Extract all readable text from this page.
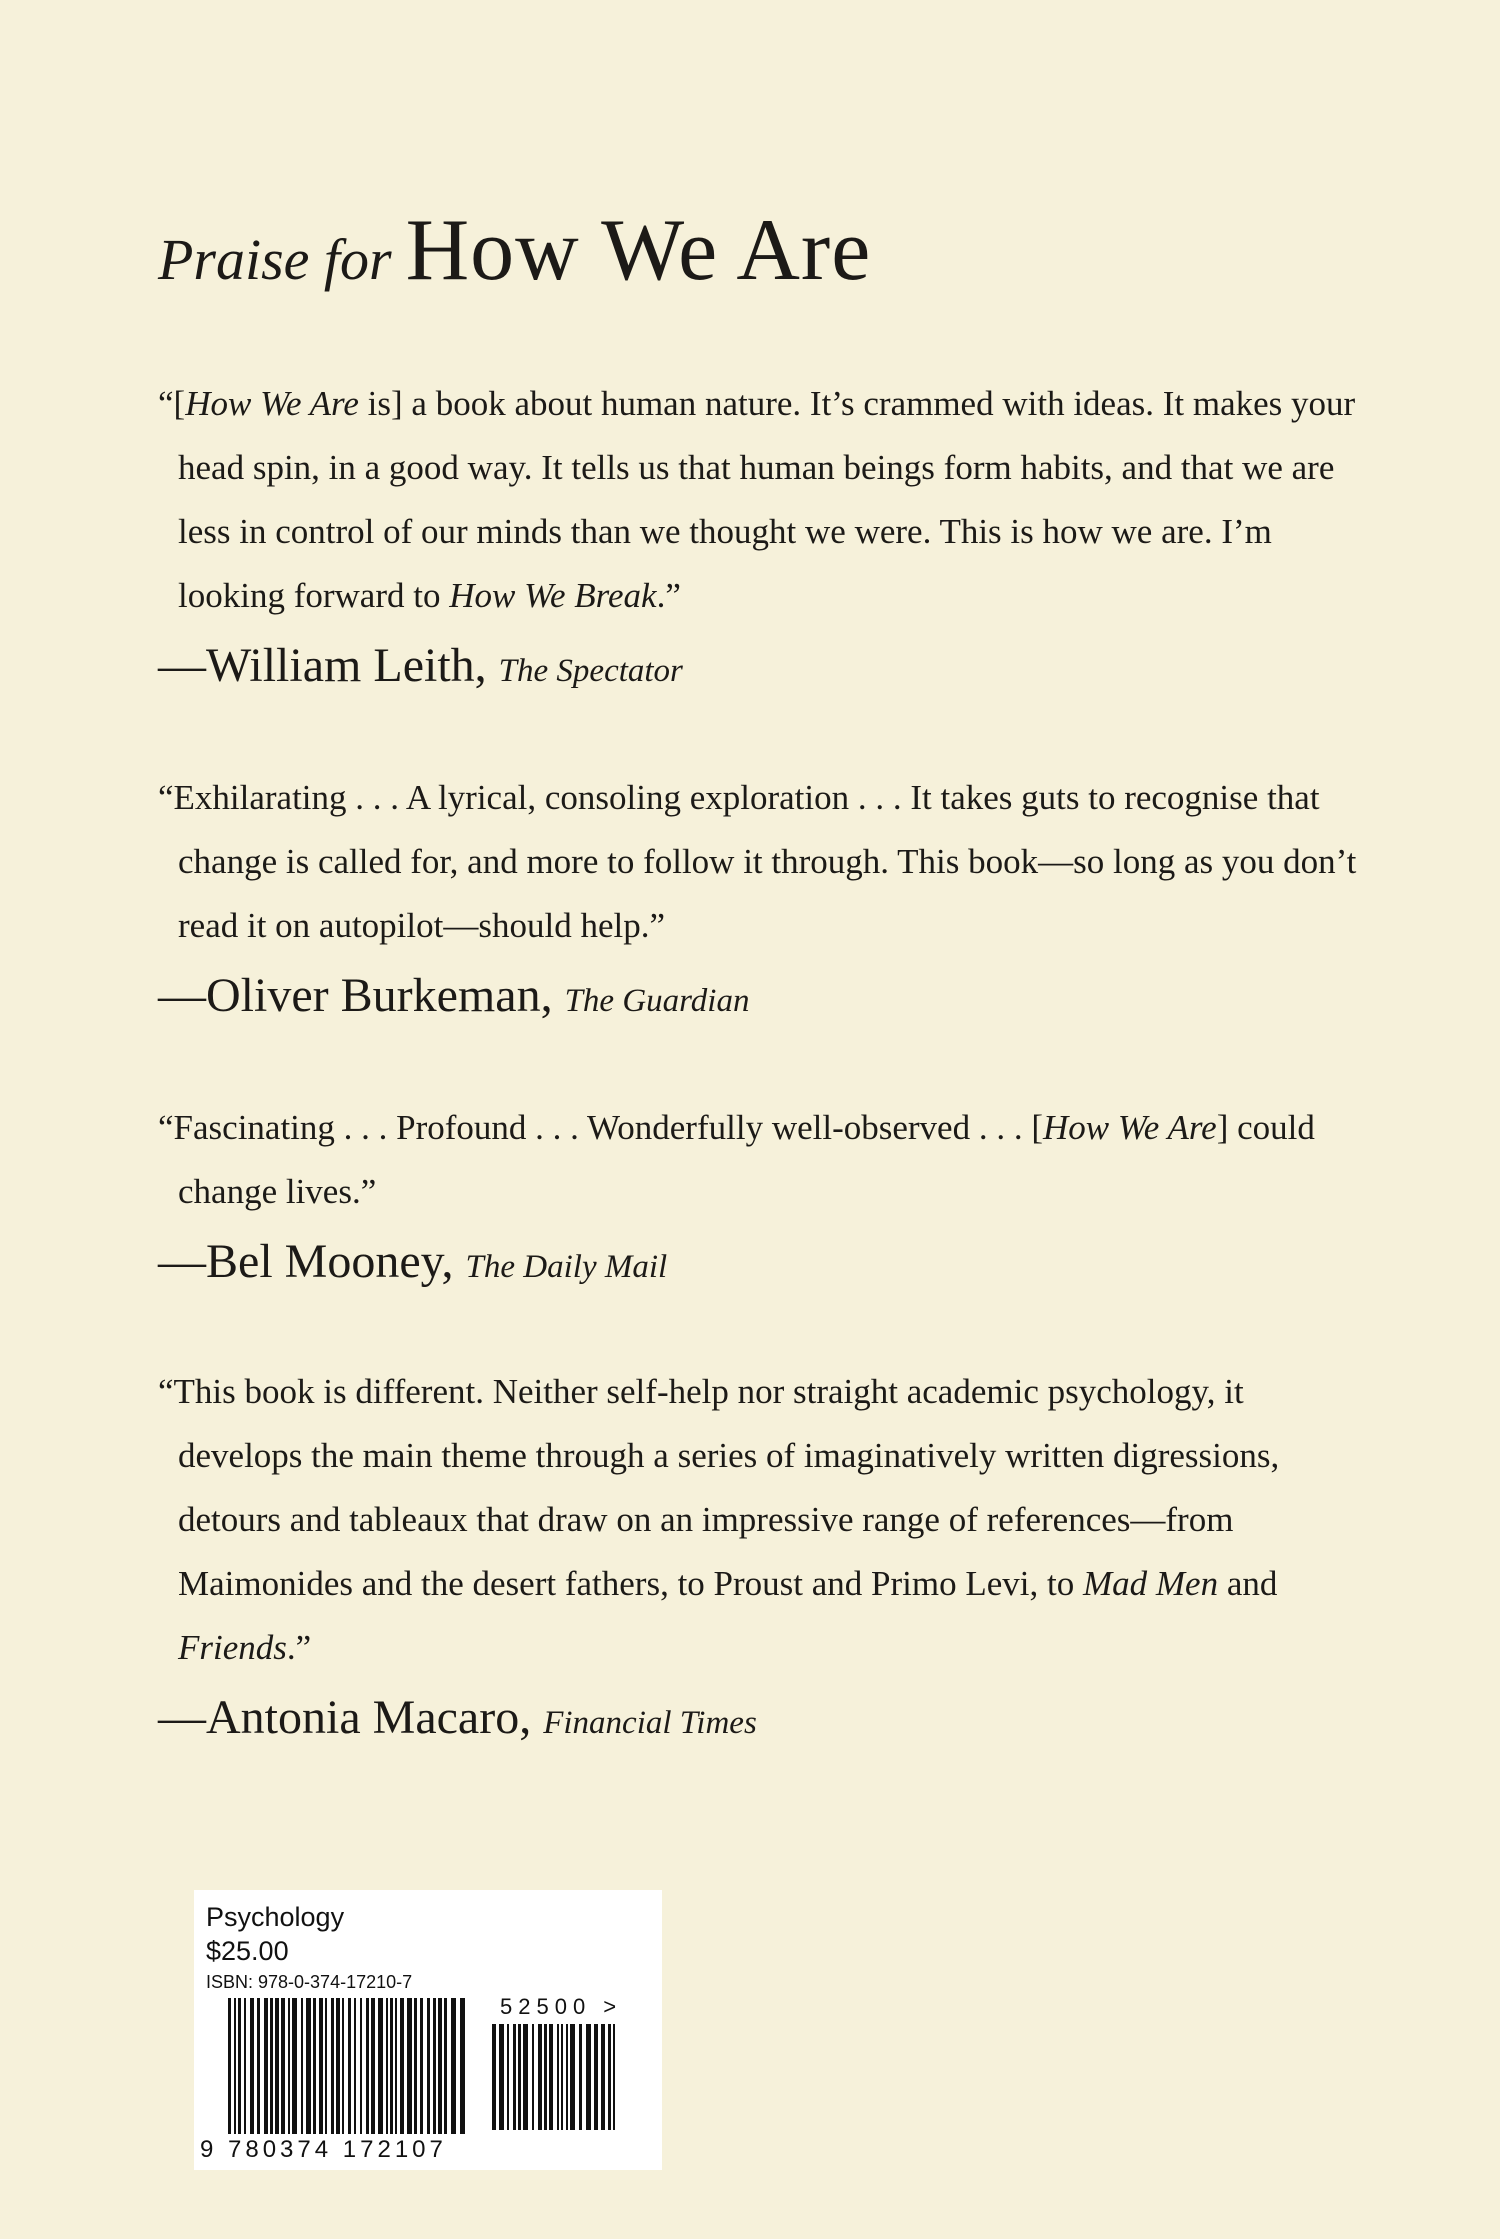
Praise for How We Are

“[How We Are is] a book about human nature. It’s crammed with ideas. It makes your head spin, in a good way. It tells us that human beings form habits, and that we are less in control of our minds than we thought we were. This is how we are. I’m looking forward to How We Break.”

—William Leith, The Spectator

“Exhilarating . . . A lyrical, consoling exploration . . . It takes guts to recognise that change is called for, and more to follow it through. This book—so long as you don’t read it on autopilot—should help.”

—Oliver Burkeman, The Guardian

“Fascinating . . . Profound . . . Wonderfully well-observed . . . [How We Are] could change lives.”

—Bel Mooney, The Daily Mail

“This book is different. Neither self-help nor straight academic psychology, it develops the main theme through a series of imaginatively written digressions, detours and tableaux that draw on an impressive range of references—from Maimonides and the desert fathers, to Proust and Primo Levi, to Mad Men and Friends.”

—Antonia Macaro, Financial Times
Psychology
$25.00
ISBN: 978-0-374-17210-7
52500 >
9 780374 172107
